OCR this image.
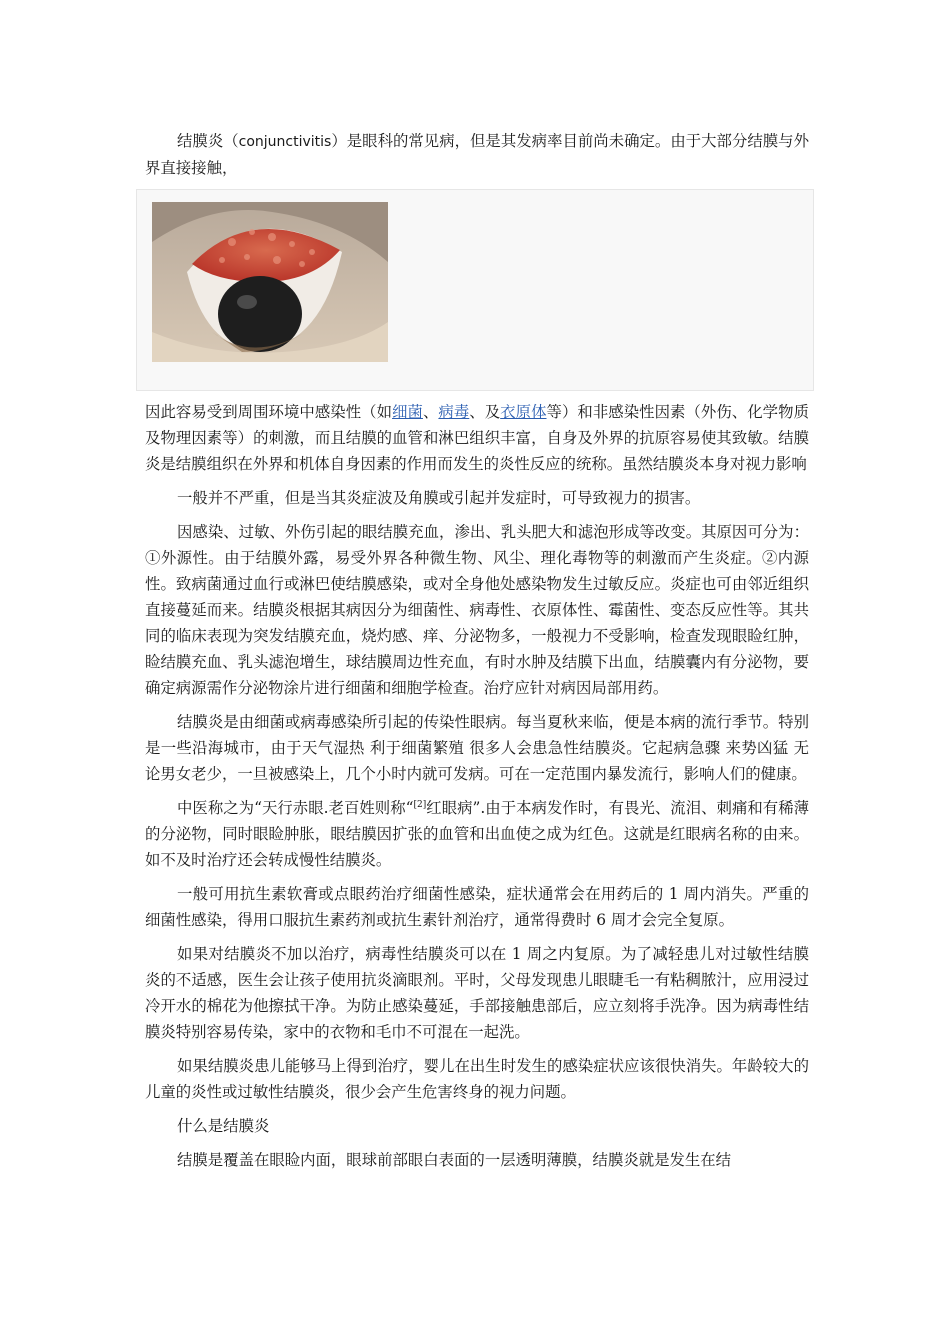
结膜炎（conjunctivitis）是眼科的常见病，但是其发病率目前尚未确定。由于大部分结膜与外界直接接触，

因此容易受到周围环境中感染性（如细菌、病毒、及衣原体等）和非感染性因素（外伤、化学物质及物理因素等）的刺激，而且结膜的血管和淋巴组织丰富，自身及外界的抗原容易使其致敏。结膜炎是结膜组织在外界和机体自身因素的作用而发生的炎性反应的统称。虽然结膜炎本身对视力影响

一般并不严重，但是当其炎症波及角膜或引起并发症时，可导致视力的损害。

因感染、过敏、外伤引起的眼结膜充血，渗出、乳头肥大和滤泡形成等改变。其原因可分为：①外源性。由于结膜外露，易受外界各种微生物、风尘、理化毒物等的刺激而产生炎症。②内源性。致病菌通过血行或淋巴使结膜感染，或对全身他处感染物发生过敏反应。炎症也可由邻近组织直接蔓延而来。结膜炎根据其病因分为细菌性、病毒性、衣原体性、霉菌性、变态反应性等。其共同的临床表现为突发结膜充血，烧灼感、痒、分泌物多，一般视力不受影响，检查发现眼睑红肿，睑结膜充血、乳头滤泡增生，球结膜周边性充血，有时水肿及结膜下出血，结膜囊内有分泌物，要确定病源需作分泌物涂片进行细菌和细胞学检查。治疗应针对病因局部用药。

结膜炎是由细菌或病毒感染所引起的传染性眼病。每当夏秋来临，便是本病的流行季节。特别是一些沿海城市，由于天气湿热 利于细菌繁殖 很多人会患急性结膜炎。它起病急骤 来势凶猛 无论男女老少，一旦被感染上，几个小时内就可发病。可在一定范围内暴发流行，影响人们的健康。

中医称之为“天行赤眼.老百姓则称“[2]红眼病”.由于本病发作时，有畏光、流泪、刺痛和有稀薄的分泌物，同时眼睑肿胀，眼结膜因扩张的血管和出血使之成为红色。这就是红眼病名称的由来。如不及时治疗还会转成慢性结膜炎。

一般可用抗生素软膏或点眼药治疗细菌性感染，症状通常会在用药后的 1 周内消失。严重的细菌性感染，得用口服抗生素药剂或抗生素针剂治疗，通常得费时 6 周才会完全复原。

如果对结膜炎不加以治疗，病毒性结膜炎可以在 1 周之内复原。为了减轻患儿对过敏性结膜炎的不适感，医生会让孩子使用抗炎滴眼剂。平时，父母发现患儿眼睫毛一有粘稠脓汁，应用浸过冷开水的棉花为他擦拭干净。为防止感染蔓延，手部接触患部后，应立刻将手洗净。因为病毒性结膜炎特别容易传染，家中的衣物和毛巾不可混在一起洗。

如果结膜炎患儿能够马上得到治疗，婴儿在出生时发生的感染症状应该很快消失。年龄较大的儿童的炎性或过敏性结膜炎，很少会产生危害终身的视力问题。

什么是结膜炎

结膜是覆盖在眼睑内面，眼球前部眼白表面的一层透明薄膜，结膜炎就是发生在结
